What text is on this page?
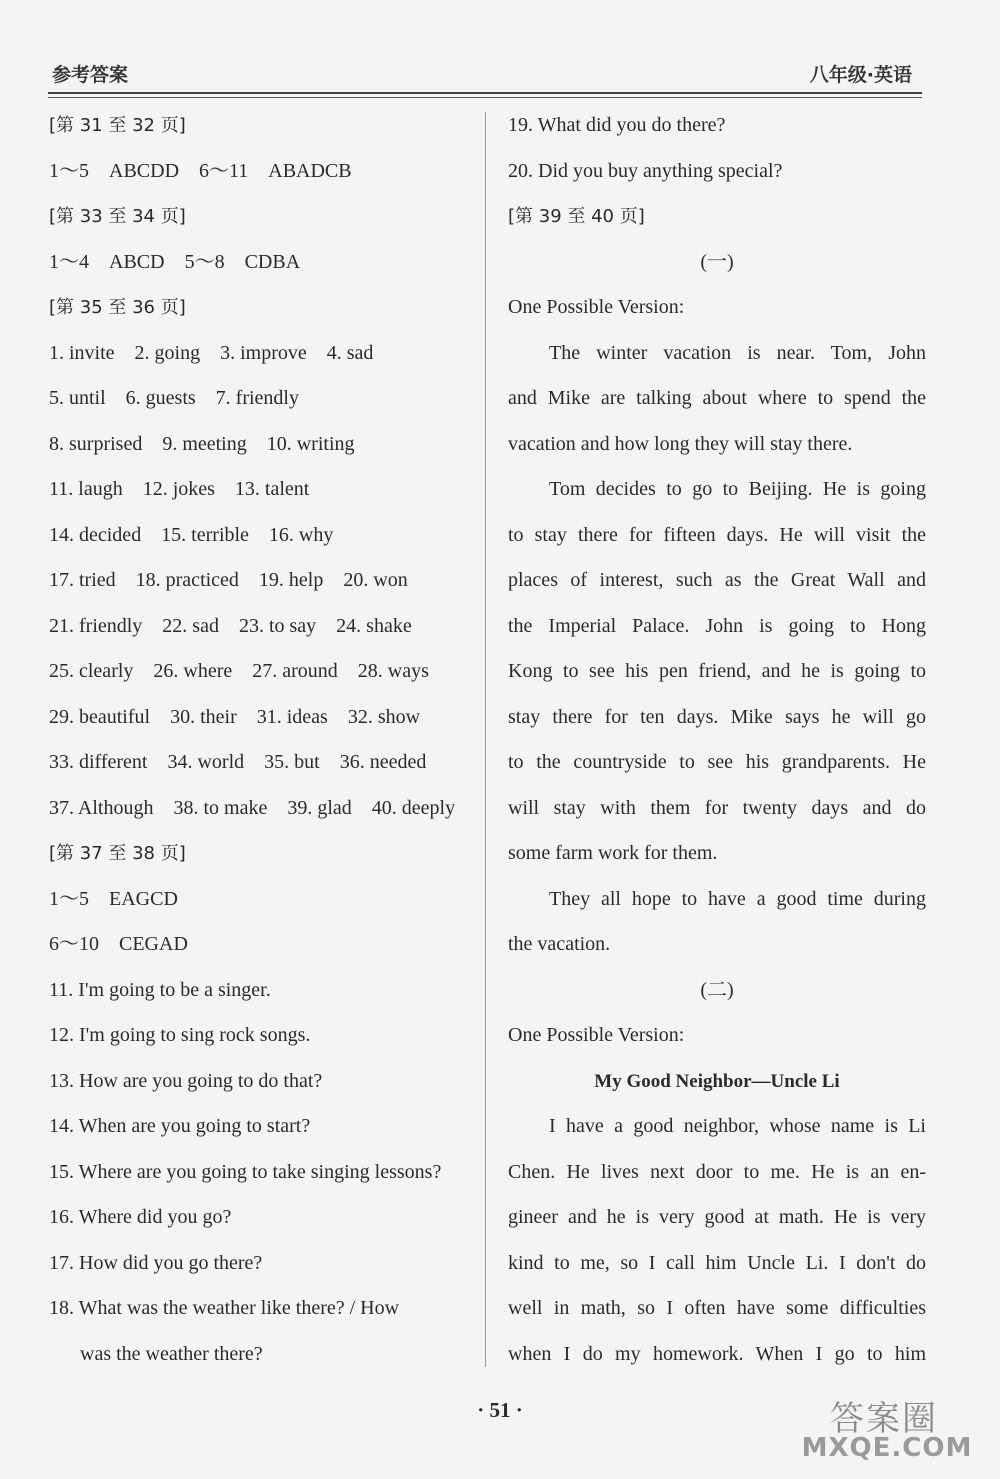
参考答案	八年级·英语
[第 31 至 32 页]
1～5　ABCDD　6～11　ABADCB
[第 33 至 34 页]
1～4　ABCD　5～8　CDBA
[第 35 至 36 页]
1. invite　2. going　3. improve　4. sad
5. until　6. guests　7. friendly
8. surprised　9. meeting　10. writing
11. laugh　12. jokes　13. talent
14. decided　15. terrible　16. why
17. tried　18. practiced　19. help　20. won
21. friendly　22. sad　23. to say　24. shake
25. clearly　26. where　27. around　28. ways
29. beautiful　30. their　31. ideas　32. show
33. different　34. world　35. but　36. needed
37. Although　38. to make　39. glad　40. deeply
[第 37 至 38 页]
1～5　EAGCD
6～10　CEGAD
11. I'm going to be a singer.
12. I'm going to sing rock songs.
13. How are you going to do that?
14. When are you going to start?
15. Where are you going to take singing lessons?
16. Where did you go?
17. How did you go there?
18. What was the weather like there? / How
was the weather there?
19. What did you do there?
20. Did you buy anything special?
[第 39 至 40 页]
(一)
One Possible Version:
The winter vacation is near. Tom, John
and Mike are talking about where to spend the
vacation and how long they will stay there.
Tom decides to go to Beijing. He is going
to stay there for fifteen days. He will visit the
places of interest, such as the Great Wall and
the Imperial Palace. John is going to Hong
Kong to see his pen friend, and he is going to
stay there for ten days. Mike says he will go
to the countryside to see his grandparents. He
will stay with them for twenty days and do
some farm work for them.
They all hope to have a good time during
the vacation.
(二)
One Possible Version:
My Good Neighbor—Uncle Li
I have a good neighbor, whose name is Li
Chen. He lives next door to me. He is an en-
gineer and he is very good at math. He is very
kind to me, so I call him Uncle Li. I don't do
well in math, so I often have some difficulties
when I do my homework. When I go to him
· 51 ·	答案圈
MXQE.COM
